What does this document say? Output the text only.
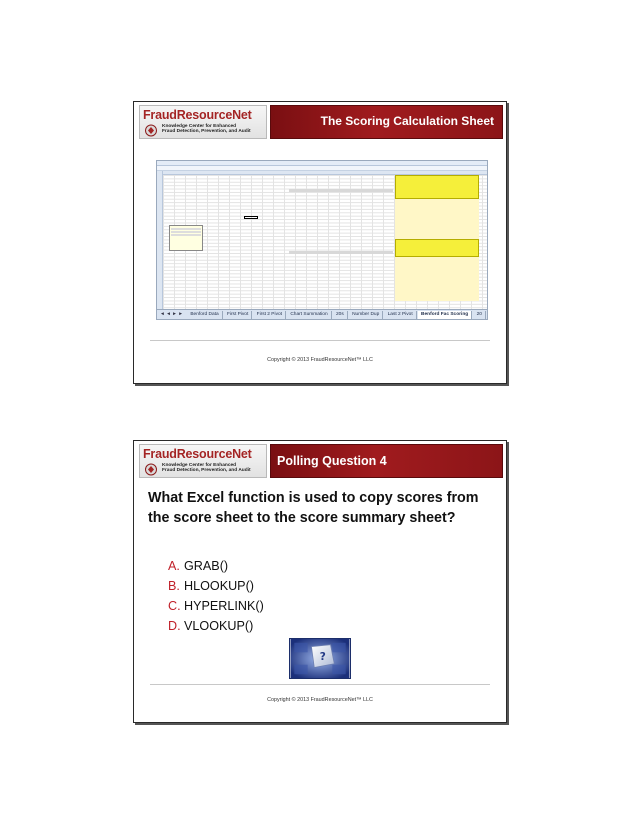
FraudResourceNet
Knowledge Center for Enhanced
Fraud Detection, Prevention, and Audit
The Scoring Calculation Sheet
◄ ◄ ► ► Benford Data First Pivot First 2 Pivot Chart Summation 20s Number Dup Last 2 Pivot Benford Fac Scoring 20
Copyright © 2013 FraudResourceNet™ LLC
FraudResourceNet
Knowledge Center for Enhanced
Fraud Detection, Prevention, and Audit
Polling Question 4
What Excel function is used to copy scores from the score sheet to the score summary sheet?
A. GRAB()
B. HLOOKUP()
C. HYPERLINK()
D. VLOOKUP()
?
Copyright © 2013 FraudResourceNet™ LLC
